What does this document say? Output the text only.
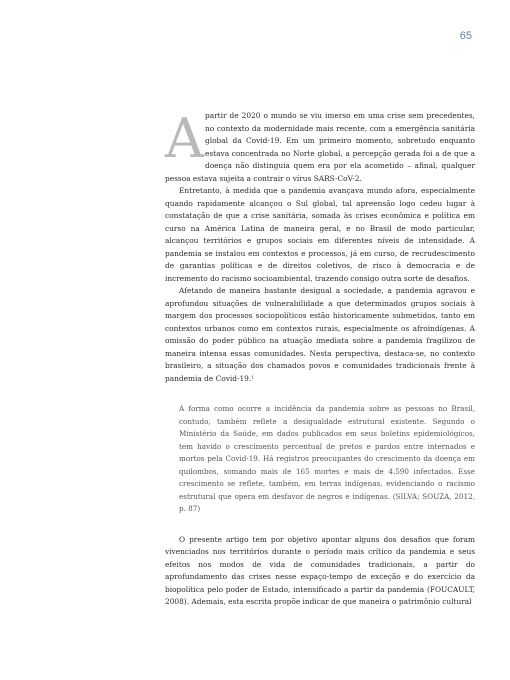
65

A partir de 2020 o mundo se viu imerso em uma crise sem precedentes, no contexto da modernidade mais recente, com a emergência sanitária global da Covid-19. Em um primeiro momento, sobretudo enquanto estava concentrada no Norte global, a percepção gerada foi a de que a doença não distinguia quem era por ela acometido – afinal, qualquer pessoa estava sujeita a contrair o vírus SARS-CoV-2.

Entretanto, à medida que a pandemia avançava mundo afora, especialmente quando rapidamente alcançou o Sul global, tal apreensão logo cedeu lugar à constatação de que a crise sanitária, somada às crises econômica e política em curso na América Latina de maneira geral, e no Brasil de modo particular, alcançou territórios e grupos sociais em diferentes níveis de intensidade. A pandemia se instalou em contextos e processos, já em curso, de recrudescimento de garantias políticas e de direitos coletivos, de risco à democracia e de incremento do racismo socioambiental, trazendo consigo outra sorte de desafios.

Afetando de maneira bastante desigual a sociedade, a pandemia agravou e aprofundou situações de vulnerabilidade a que determinados grupos sociais à margem dos processos sociopolíticos estão historicamente submetidos, tanto em contextos urbanos como em contextos rurais, especialmente os afroindígenas. A omissão do poder público na atuação imediata sobre a pandemia fragilizou de maneira intensa essas comunidades. Nesta perspectiva, destaca-se, no contexto brasileiro, a situação dos chamados povos e comunidades tradicionais frente à pandemia de Covid-19.¹

A forma como ocorre a incidência da pandemia sobre as pessoas no Brasil, contudo, também reflete a desigualdade estrutural existente. Segundo o Ministério da Saúde, em dados publicados em seus boletins epidemiológicos, tem havido o crescimento percentual de pretos e pardos entre internados e mortos pela Covid-19. Há registros preocupantes do crescimento da doença em quilombos, somando mais de 165 mortes e mais de 4.590 infectados. Esse crescimento se reflete, também, em terras indígenas, evidenciando o racismo estrutural que opera em desfavor de negros e indígenas. (SILVA; SOUZA, 2012, p. 87)

O presente artigo tem por objetivo apontar alguns dos desafios que foram vivenciados nos territórios durante o período mais crítico da pandemia e seus efeitos nos modos de vida de comunidades tradicionais, a partir do aprofundamento das crises nesse espaço-tempo de exceção e do exercício da biopolítica pelo poder de Estado, intensificado a partir da pandemia (FOUCAULT, 2008). Ademais, esta escrita propõe indicar de que maneira o patrimônio cultural
